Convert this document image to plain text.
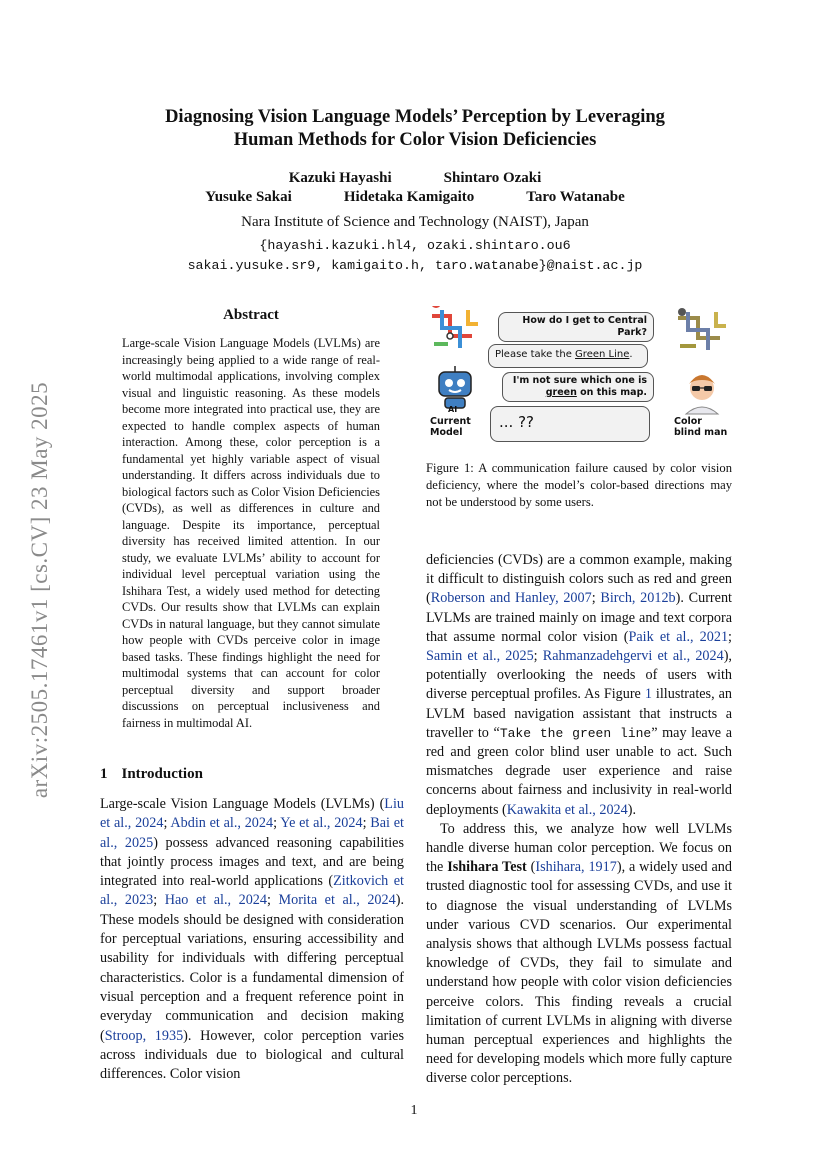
arXiv:2505.17461v1 [cs.CV] 23 May 2025
Diagnosing Vision Language Models’ Perception by Leveraging
Human Methods for Color Vision Deficiencies
Kazuki Hayashi	Shintaro Ozaki
Yusuke Sakai	Hidetaka Kamigaito	Taro Watanabe
Nara Institute of Science and Technology (NAIST), Japan
{hayashi.kazuki.hl4, ozaki.shintaro.ou6
sakai.yusuke.sr9, kamigaito.h, taro.watanabe}@naist.ac.jp
Abstract

Large-scale Vision Language Models (LVLMs) are increasingly being applied to a wide range of real-world multimodal applications, involving complex visual and linguistic reasoning. As these models become more integrated into practical use, they are expected to handle complex aspects of human interaction. Among these, color perception is a fundamental yet highly variable aspect of visual understanding. It differs across individuals due to biological factors such as Color Vision Deficiencies (CVDs), as well as differences in culture and language. Despite its importance, perceptual diversity has received limited attention. In our study, we evaluate LVLMs’ ability to account for individual level perceptual variation using the Ishihara Test, a widely used method for detecting CVDs. Our results show that LVLMs can explain CVDs in natural language, but they cannot simulate how people with CVDs perceive color in image based tasks. These findings highlight the need for multimodal systems that can account for color perceptual diversity and support broader discussions on perceptual inclusiveness and fairness in multimodal AI.

1 Introduction

Large-scale Vision Language Models (LVLMs) (Liu et al., 2024; Abdin et al., 2024; Ye et al., 2024; Bai et al., 2025) possess advanced reasoning capabilities that jointly process images and text, and are being integrated into real-world applications (Zitkovich et al., 2023; Hao et al., 2024; Morita et al., 2024). These models should be designed with consideration for perceptual variations, ensuring accessibility and usability for individuals with differing perceptual characteristics. Color is a fundamental dimension of visual perception and a frequent reference point in everyday communication and decision making (Stroop, 1935). However, color perception varies across individuals due to biological and cultural differences. Color vision

How do I get to Central Park?
Please take the Green Line.
I'm not sure which one is green on this map.
... ??
AI
Current Model
Color blind man

Figure 1: A communication failure caused by color vision deficiency, where the model’s color-based directions may not be understood by some users.

deficiencies (CVDs) are a common example, making it difficult to distinguish colors such as red and green (Roberson and Hanley, 2007; Birch, 2012b). Current LVLMs are trained mainly on image and text corpora that assume normal color vision (Paik et al., 2021; Samin et al., 2025; Rahmanzadehgervi et al., 2024), potentially overlooking the needs of users with diverse perceptual profiles. As Figure 1 illustrates, an LVLM based navigation assistant that instructs a traveller to “Take the green line” may leave a red and green color blind user unable to act. Such mismatches degrade user experience and raise concerns about fairness and inclusivity in real-world deployments (Kawakita et al., 2024).

To address this, we analyze how well LVLMs handle diverse human color perception. We focus on the Ishihara Test (Ishihara, 1917), a widely used and trusted diagnostic tool for assessing CVDs, and use it to diagnose the visual understanding of LVLMs under various CVD scenarios. Our experimental analysis shows that although LVLMs possess factual knowledge of CVDs, they fail to simulate and understand how people with color vision deficiencies perceive colors. This finding reveals a crucial limitation of current LVLMs in aligning with diverse human perceptual experiences and highlights the need for developing models which more fully capture diverse color perceptions.

1
